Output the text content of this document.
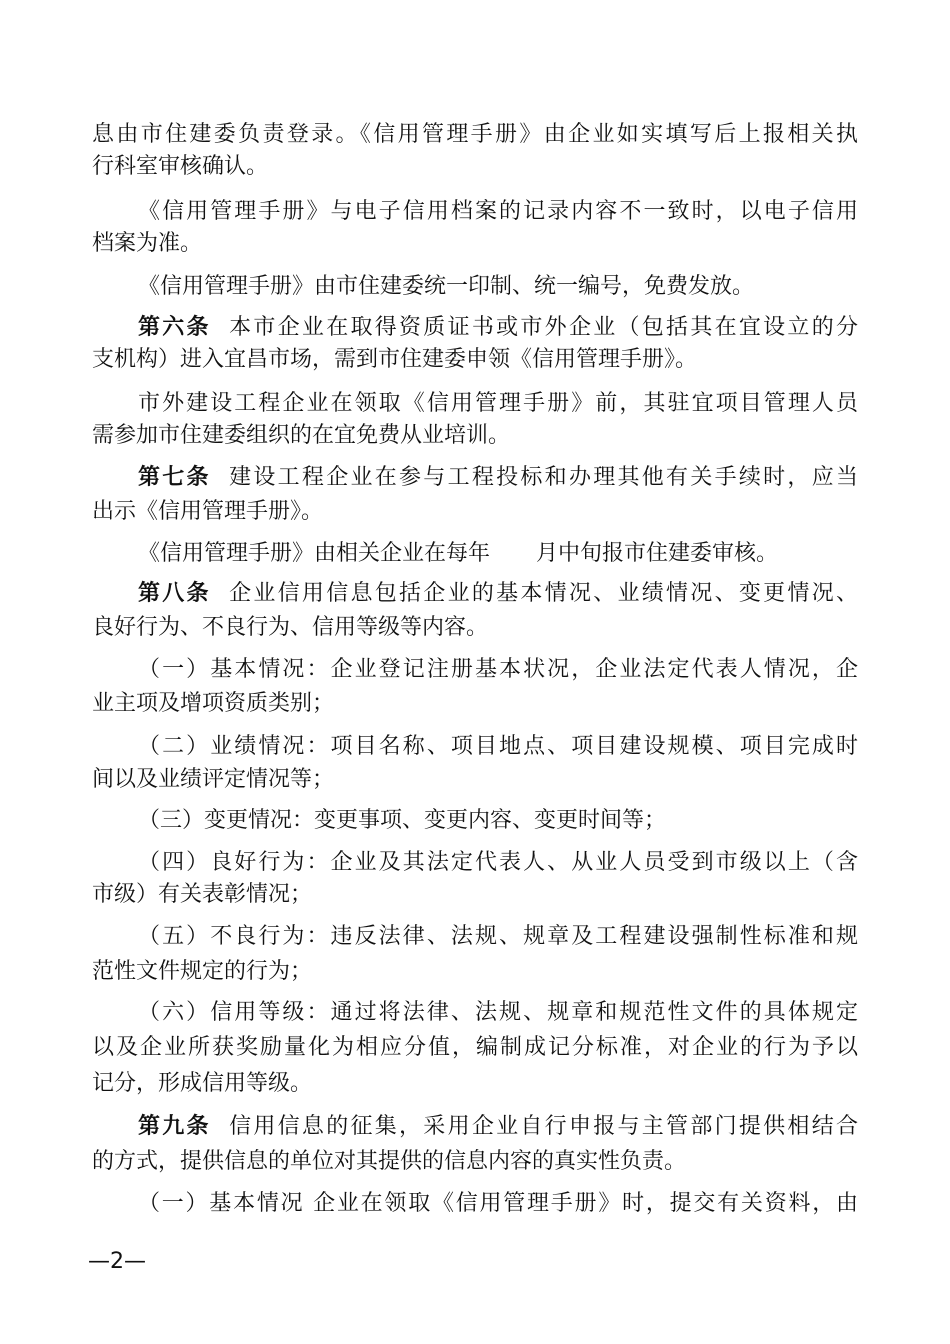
息由市住建委负责登录。《信用管理手册》由企业如实填写后上报相关执
行科室审核确认。
《信用管理手册》与电子信用档案的记录内容不一致时，以电子信用
档案为准。
《信用管理手册》由市住建委统一印制、统一编号，免费发放。
第六条 本市企业在取得资质证书或市外企业（包括其在宜设立的分
支机构）进入宜昌市场，需到市住建委申领《信用管理手册》。
市外建设工程企业在领取《信用管理手册》前，其驻宜项目管理人员
需参加市住建委组织的在宜免费从业培训。
第七条 建设工程企业在参与工程投标和办理其他有关手续时，应当
出示《信用管理手册》。
《信用管理手册》由相关企业在每年 月中旬报市住建委审核。
第八条 企业信用信息包括企业的基本情况、业绩情况、变更情况、
良好行为、不良行为、信用等级等内容。
（一）基本情况：企业登记注册基本状况，企业法定代表人情况，企
业主项及增项资质类别；
（二）业绩情况：项目名称、项目地点、项目建设规模、项目完成时
间以及业绩评定情况等；
（三）变更情况：变更事项、变更内容、变更时间等；
（四）良好行为：企业及其法定代表人、从业人员受到市级以上（含
市级）有关表彰情况；
（五）不良行为：违反法律、法规、规章及工程建设强制性标准和规
范性文件规定的行为；
（六）信用等级：通过将法律、法规、规章和规范性文件的具体规定
以及企业所获奖励量化为相应分值，编制成记分标准，对企业的行为予以
记分，形成信用等级。
第九条 信用信息的征集，采用企业自行申报与主管部门提供相结合
的方式，提供信息的单位对其提供的信息内容的真实性负责。
（一）基本情况 企业在领取《信用管理手册》时，提交有关资料，由
—2—
